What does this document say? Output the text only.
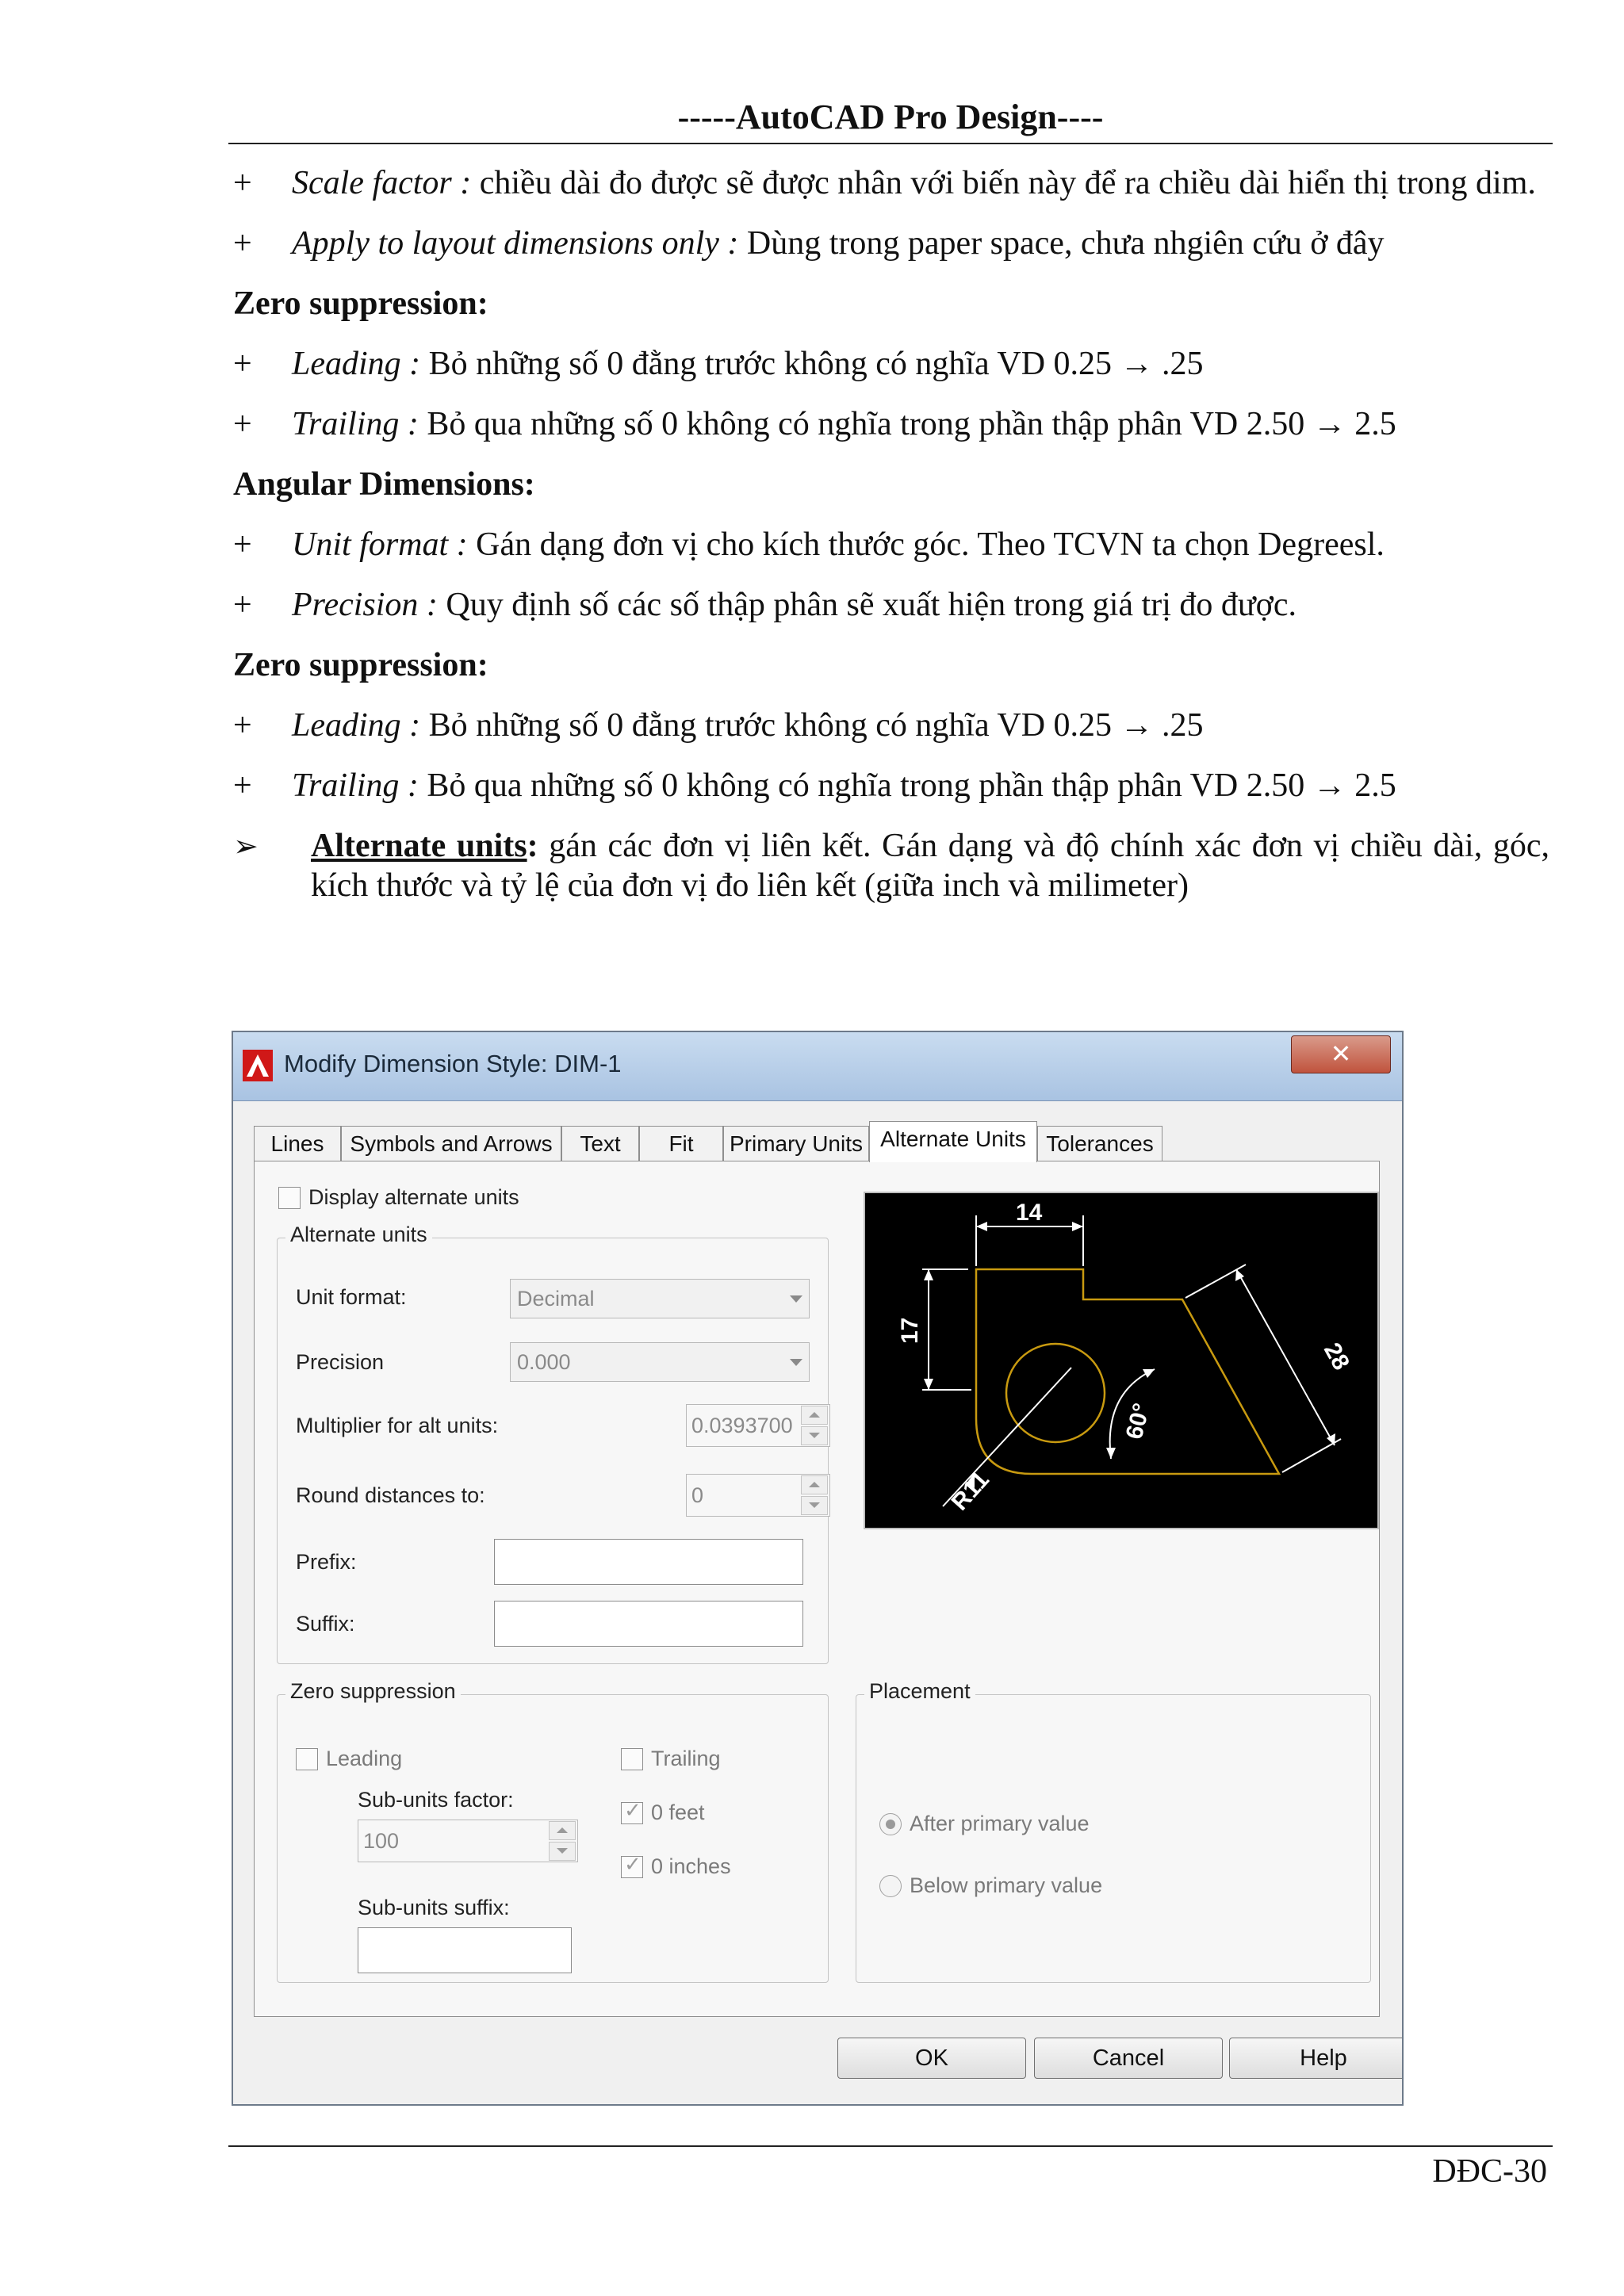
-----AutoCAD Pro Design----
+	Scale factor : chiều dài đo được sẽ được nhân với biến này để ra chiều dài hiển thị trong dim.
+	Apply to layout dimensions only : Dùng trong paper space, chưa nhgiên cứu ở đây
Zero suppression:
+	Leading : Bỏ những số 0 đằng trước không có nghĩa VD 0.25 → .25
+	Trailing : Bỏ qua những số 0 không có nghĩa trong phần thập phân VD 2.50 → 2.5
Angular Dimensions:
+	Unit format : Gán dạng đơn vị cho kích thước góc. Theo TCVN ta chọn Degreesl.
+	Precision : Quy định số các số thập phân sẽ xuất hiện trong giá trị đo được.
Zero suppression:
+	Leading : Bỏ những số 0 đằng trước không có nghĩa VD 0.25 → .25
+	Trailing : Bỏ qua những số 0 không có nghĩa trong phần thập phân VD 2.50 → 2.5
➢	Alternate units: gán các đơn vị liên kết. Gán dạng và độ chính xác đơn vị chiều dài, góc, kích thước và tỷ lệ của đơn vị đo liên kết (giữa inch và milimeter)
Modify Dimension Style: DIM-1	✕
Lines	Symbols and Arrows	Text	Fit	Primary Units Alternate Units Tolerances
Display alternate units
Alternate units
Unit format:	Decimal
Precision	0.000
Multiplier for alt units:	0.0393700
Round distances to:	0
Prefix:
Suffix:
14
17
28
60°
R11
Zero suppression
Leading
Sub-units factor:
100
Sub-units suffix:
Trailing
✓
0 feet
✓
0 inches
Placement
After primary value
Below primary value
OK	Cancel	Help
DĐC-30
